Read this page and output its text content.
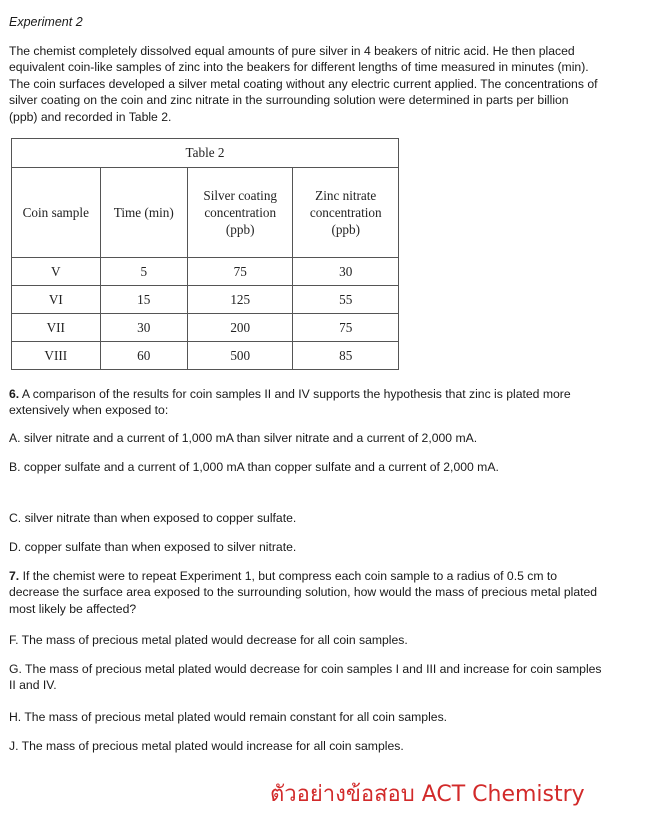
Experiment 2
The chemist completely dissolved equal amounts of pure silver in 4 beakers of nitric acid. He then placed equivalent coin-like samples of zinc into the beakers for different lengths of time measured in minutes (min). The coin surfaces developed a silver metal coating without any electric current applied. The concentrations of silver coating on the coin and zinc nitrate in the surrounding solution were determined in parts per billion (ppb) and recorded in Table 2.
Table 2			
Coin sample	Time (min)	Silver coating concentration (ppb)	Zinc nitrate concentration (ppb)
V	5	75	30
VI	15	125	55
VII	30	200	75
VIII	60	500	85
6. A comparison of the results for coin samples II and IV supports the hypothesis that zinc is plated more extensively when exposed to:
A. silver nitrate and a current of 1,000 mA than silver nitrate and a current of 2,000 mA.
B. copper sulfate and a current of 1,000 mA than copper sulfate and a current of 2,000 mA.
C. silver nitrate than when exposed to copper sulfate.
D. copper sulfate than when exposed to silver nitrate.
7. If the chemist were to repeat Experiment 1, but compress each coin sample to a radius of 0.5 cm to decrease the surface area exposed to the surrounding solution, how would the mass of precious metal plated most likely be affected?
F. The mass of precious metal plated would decrease for all coin samples.
G. The mass of precious metal plated would decrease for coin samples I and III and increase for coin samples II and IV.
H. The mass of precious metal plated would remain constant for all coin samples.
J. The mass of precious metal plated would increase for all coin samples.
ตัวอย่างข้อสอบ ACT Chemistry
